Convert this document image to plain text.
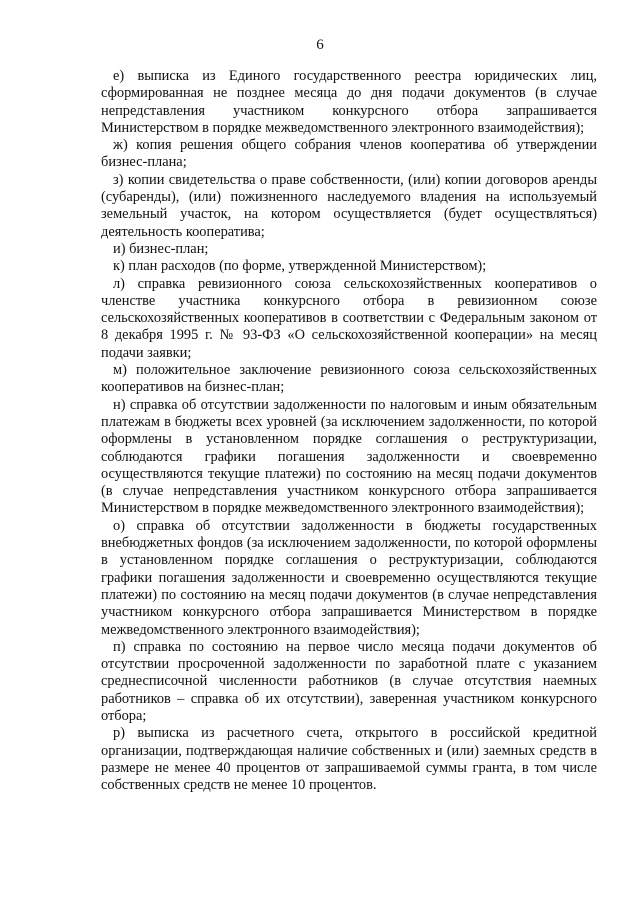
6

е) выписка из Единого государственного реестра юридических лиц, сформированная не позднее месяца до дня подачи документов (в случае непредставления участником конкурсного отбора запрашивается Министерством в порядке межведомственного электронного взаимодействия);

ж) копия решения общего собрания членов кооператива об утверждении бизнес-плана;

з) копии свидетельства о праве собственности, (или) копии договоров аренды (субаренды), (или) пожизненного наследуемого владения на используемый земельный участок, на котором осуществляется (будет осуществляться) деятельность кооператива;

и) бизнес-план;

к) план расходов (по форме, утвержденной Министерством);

л) справка ревизионного союза сельскохозяйственных кооперативов о членстве участника конкурсного отбора в ревизионном союзе сельскохозяйственных кооперативов в соответствии с Федеральным законом от 8 декабря 1995 г. № 93-ФЗ «О сельскохозяйственной кооперации» на месяц подачи заявки;

м) положительное заключение ревизионного союза сельскохозяйственных кооперативов на бизнес-план;

н) справка об отсутствии задолженности по налоговым и иным обязательным платежам в бюджеты всех уровней (за исключением задолженности, по которой оформлены в установленном порядке соглашения о реструктуризации, соблюдаются графики погашения задолженности и своевременно осуществляются текущие платежи) по состоянию на месяц подачи документов (в случае непредставления участником конкурсного отбора запрашивается Министерством в порядке межведомственного электронного взаимодействия);

о) справка об отсутствии задолженности в бюджеты государственных внебюджетных фондов (за исключением задолженности, по которой оформлены в установленном порядке соглашения о реструктуризации, соблюдаются графики погашения задолженности и своевременно осуществляются текущие платежи) по состоянию на месяц подачи документов (в случае непредставления участником конкурсного отбора запрашивается Министерством в порядке межведомственного электронного взаимодействия);

п) справка по состоянию на первое число месяца подачи документов об отсутствии просроченной задолженности по заработной плате с указанием среднесписочной численности работников (в случае отсутствия наемных работников – справка об их отсутствии), заверенная участником конкурсного отбора;

р) выписка из расчетного счета, открытого в российской кредитной организации, подтверждающая наличие собственных и (или) заемных средств в размере не менее 40 процентов от запрашиваемой суммы гранта, в том числе собственных средств не менее 10 процентов.
